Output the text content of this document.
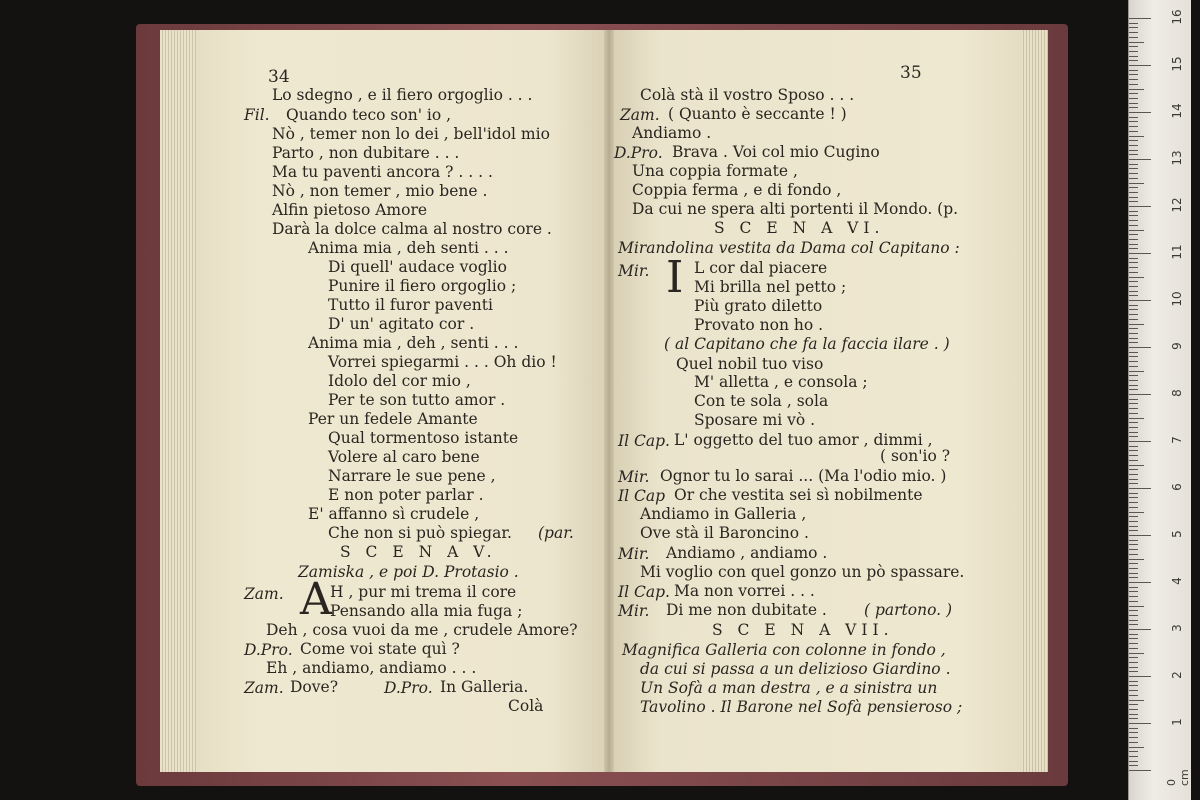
34
Lo sdegno , e il fiero orgoglio . . .
Fil. Quando teco son' io ,
Nò , temer non lo dei , bell'idol mio
Parto , non dubitare . . .
Ma tu paventi ancora ? . . . .
Nò , non temer , mio bene .
Alfin pietoso Amore
Darà la dolce calma al nostro core .
Anima mia , deh senti . . .
Di quell' audace voglio
Punire il fiero orgoglio ;
Tutto il furor paventi
D' un' agitato cor .
Anima mia , deh , senti . . .
Vorrei spiegarmi . . . Oh dio !
Idolo del cor mio ,
Per te son tutto amor .
Per un fedele Amante
Qual tormentoso istante
Volere al caro bene
Narrare le sue pene ,
E non poter parlar .
E' affanno sì crudele ,
Che non si può spiegar. (par.
S C E N A V.
Zamiska , e poi D. Protasio .
Zam. A
H , pur mi trema il core
Pensando alla mia fuga ;
Deh , cosa vuoi da me , crudele Amore?
D.Pro. Come voi state quì ?
Eh , andiamo, andiamo . . .
Zam. Dove?	D.Pro. In Galleria.
Colà
35
Colà stà il vostro Sposo . . .
Zam. ( Quanto è seccante ! )
Andiamo .
D.Pro. Brava . Voi col mio Cugino
Una coppia formate ,
Coppia ferma , e di fondo ,
Da cui ne spera alti portenti il Mondo. (p.
S C E N A VI.
Mirandolina vestita da Dama col Capitano :
Mir. I L cor dal piacere
Mi brilla nel petto ;
Più grato diletto
Provato non ho .
( al Capitano che fa la faccia ilare . )
Quel nobil tuo viso
M' alletta , e consola ;
Con te sola , sola
Sposare mi vò .
Il Cap. L' oggetto del tuo amor , dimmi ,
( son'io ?
Mir. Ognor tu lo sarai ... (Ma l'odio mio. )
Il Cap Or che vestita sei sì nobilmente
Andiamo in Galleria ,
Ove stà il Baroncino .
Mir. Andiamo , andiamo .
Mi voglio con quel gonzo un pò spassare.
Il Cap. Ma non vorrei . . .
Mir. Di me non dubitate . ( partono. )
S C E N A VII.
Magnifica Galleria con colonne in fondo ,
da cui si passa a un delizioso Giardino .
Un Sofà a man destra , e a sinistra un
Tavolino . Il Barone nel Sofà pensieroso ;
0 cm
1
2
3
4
5
6
7
8
9
10
11
12
13
14
15
16
